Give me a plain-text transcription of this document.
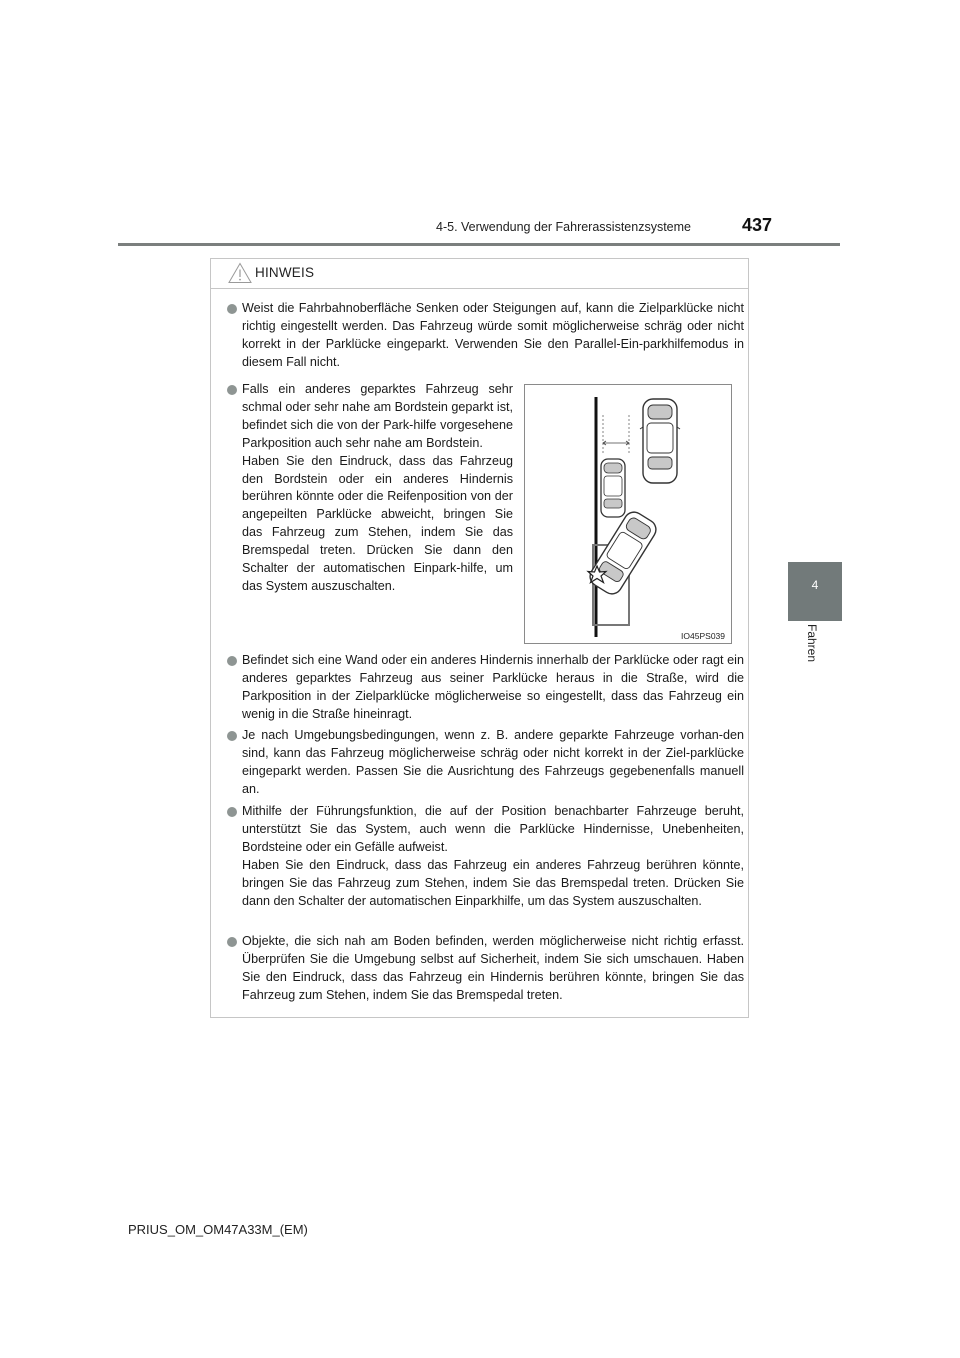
4-5. Verwendung der Fahrerassistenzsysteme	437
4
Fahren
HINWEIS

Weist die Fahrbahnoberfläche Senken oder Steigungen auf, kann die Zielparklücke nicht richtig eingestellt werden. Das Fahrzeug würde somit möglicherweise schräg oder nicht korrekt in der Parklücke eingeparkt. Verwenden Sie den Parallel-Ein-parkhilfemodus in diesem Fall nicht.

Falls ein anderes geparktes Fahrzeug sehr schmal oder sehr nahe am Bordstein geparkt ist, befindet sich die von der Park-hilfe vorgesehene Parkposition auch sehr nahe am Bordstein.

Haben Sie den Eindruck, dass das Fahrzeug den Bordstein oder ein anderes Hindernis berühren könnte oder die Reifenposition von der angepeilten Parklücke abweicht, bringen Sie das Fahrzeug zum Stehen, indem Sie das Bremspedal treten. Drücken Sie dann den Schalter der automatischen Einpark-hilfe, um das System auszuschalten.

IO45PS039

Befindet sich eine Wand oder ein anderes Hindernis innerhalb der Parklücke oder ragt ein anderes geparktes Fahrzeug aus seiner Parklücke heraus in die Straße, wird die Parkposition in der Zielparklücke möglicherweise so eingestellt, dass das Fahrzeug ein wenig in die Straße hineinragt.

Je nach Umgebungsbedingungen, wenn z. B. andere geparkte Fahrzeuge vorhan-den sind, kann das Fahrzeug möglicherweise schräg oder nicht korrekt in der Ziel-parklücke eingeparkt werden. Passen Sie die Ausrichtung des Fahrzeugs gegebenenfalls manuell an.

Mithilfe der Führungsfunktion, die auf der Position benachbarter Fahrzeuge beruht, unterstützt Sie das System, auch wenn die Parklücke Hindernisse, Unebenheiten, Bordsteine oder ein Gefälle aufweist.

Haben Sie den Eindruck, dass das Fahrzeug ein anderes Fahrzeug berühren könnte, bringen Sie das Fahrzeug zum Stehen, indem Sie das Bremspedal treten. Drücken Sie dann den Schalter der automatischen Einparkhilfe, um das System auszuschalten.

Objekte, die sich nah am Boden befinden, werden möglicherweise nicht richtig erfasst. Überprüfen Sie die Umgebung selbst auf Sicherheit, indem Sie sich umschauen. Haben Sie den Eindruck, dass das Fahrzeug ein Hindernis berühren könnte, bringen Sie das Fahrzeug zum Stehen, indem Sie das Bremspedal treten.

PRIUS_OM_OM47A33M_(EM)
